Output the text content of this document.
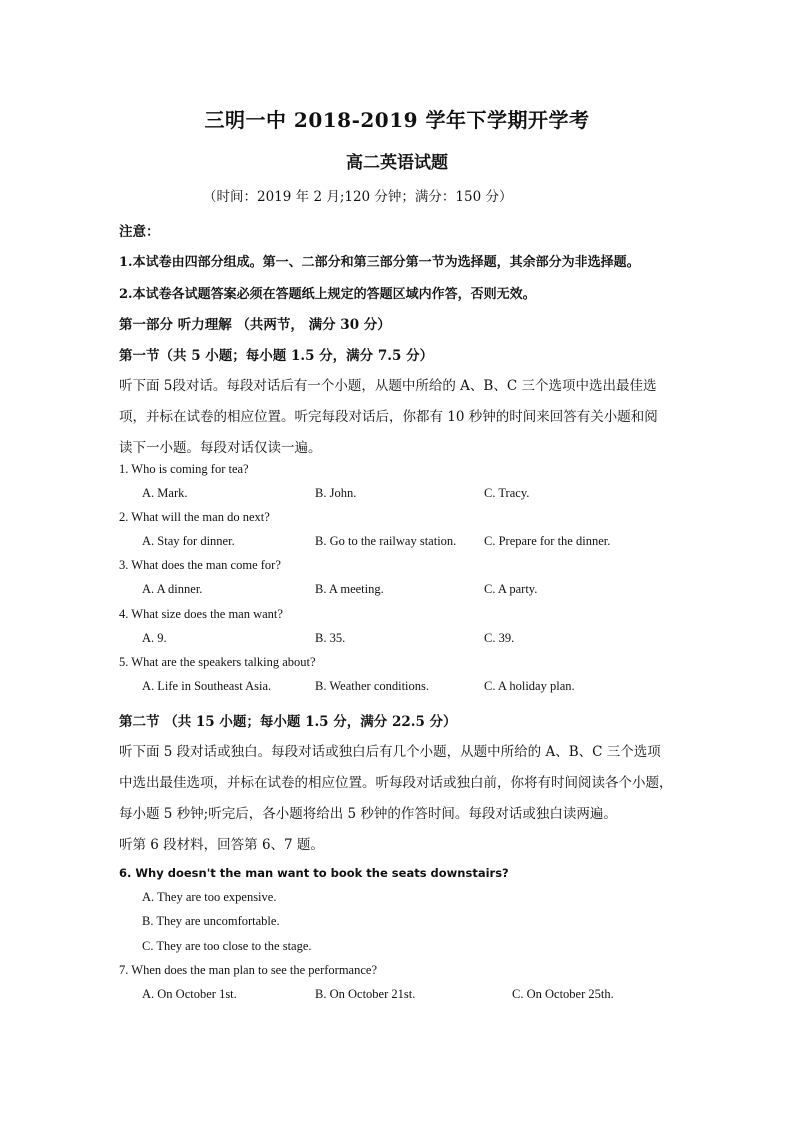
三明一中 2018-2019 学年下学期开学考
高二英语试题
（时间：2019 年 2 月;120 分钟；满分：150 分）
注意：
1.本试卷由四部分组成。第一、二部分和第三部分第一节为选择题，其余部分为非选择题。
2.本试卷各试题答案必须在答题纸上规定的答题区域内作答，否则无效。
第一部分 听力理解 （共两节， 满分 30 分）
第一节（共 5 小题；每小题 1.5 分，满分 7.5 分）
听下面 5段对话。每段对话后有一个小题，从题中所给的 A、B、C 三个选项中选出最佳选
项，并标在试卷的相应位置。听完每段对话后，你都有 10 秒钟的时间来回答有关小题和阅
读下一小题。每段对话仅读一遍。
1. Who is coming for tea?
A. Mark.	B. John.	C. Tracy.
2. What will the man do next?
A. Stay for dinner.	B. Go to the railway station. C. Prepare for the dinner.
3. What does the man come for?
A. A dinner.	B. A meeting.	C. A party.
4. What size does the man want?
A. 9.	B. 35.	C. 39.
5. What are the speakers talking about?
A. Life in Southeast Asia.	B. Weather conditions.	C. A holiday plan.
第二节 （共 15 小题；每小题 1.5 分，满分 22.5 分）
听下面 5 段对话或独白。每段对话或独白后有几个小题，从题中所给的 A、B、C 三个选项
中选出最佳选项，并标在试卷的相应位置。听每段对话或独白前，你将有时间阅读各个小题，
每小题 5 秒钟;听完后，各小题将给出 5 秒钟的作答时间。每段对话或独白读两遍。
听第 6 段材料，回答第 6、7 题。
6. Why doesn't the man want to book the seats downstairs?
A. They are too expensive.
B. They are uncomfortable.
C. They are too close to the stage.
7. When does the man plan to see the performance?
A. On October 1st.	B. On October 21st.	C. On October 25th.
